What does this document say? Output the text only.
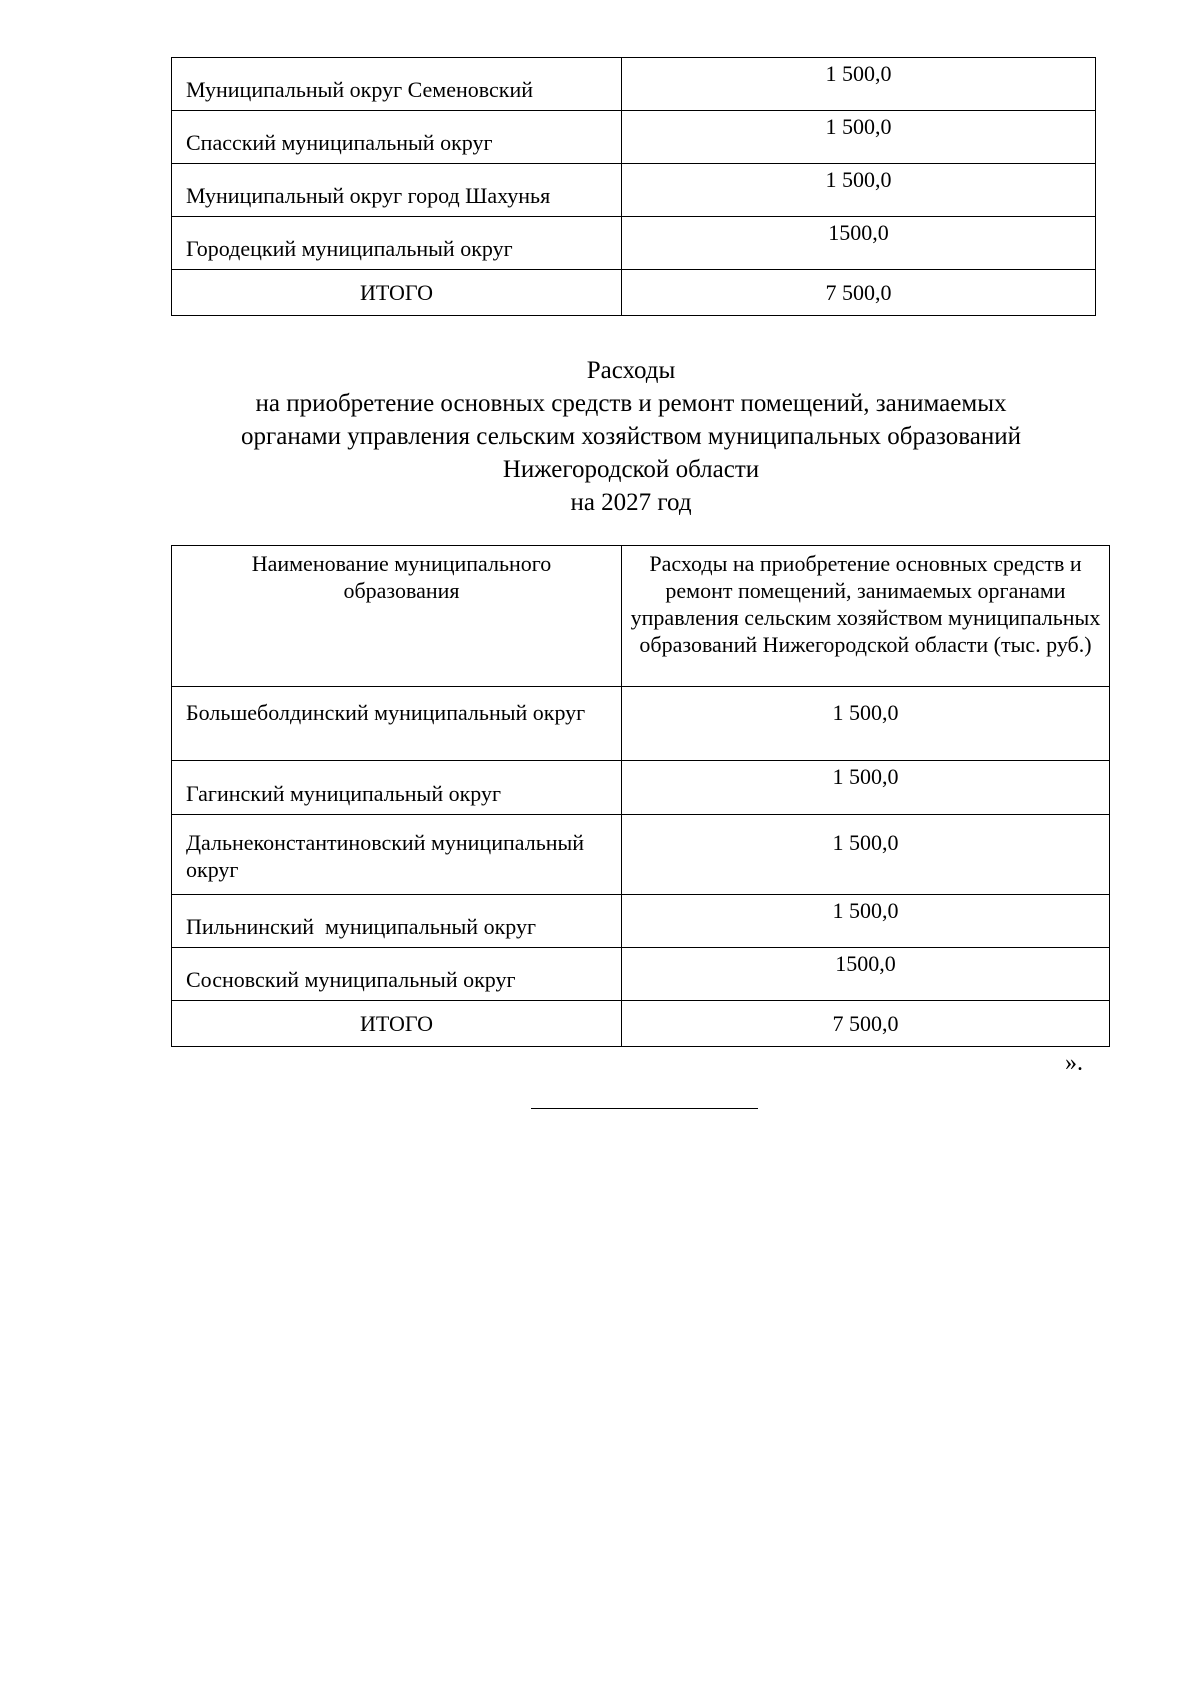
Муниципальный округ Семеновский	1 500,0
Спасский муниципальный округ	1 500,0
Муниципальный округ город Шахунья	1 500,0
Городецкий муниципальный округ	1500,0
ИТОГО	7 500,0
Расходы
на приобретение основных средств и ремонт помещений, занимаемых
органами управления сельским хозяйством муниципальных образований
Нижегородской области
на 2027 год
Наименование муниципального образования	Расходы на приобретение основных средств и ремонт помещений, занимаемых органами управления сельским хозяйством муниципальных образований Нижегородской области (тыс. руб.)
Большеболдинский муниципальный округ	1 500,0
Гагинский муниципальный округ	1 500,0
Дальнеконстантиновский муниципальный округ	1 500,0
Пильнинский  муниципальный округ	1 500,0
Сосновский муниципальный округ	1500,0
ИТОГО	7 500,0
».
